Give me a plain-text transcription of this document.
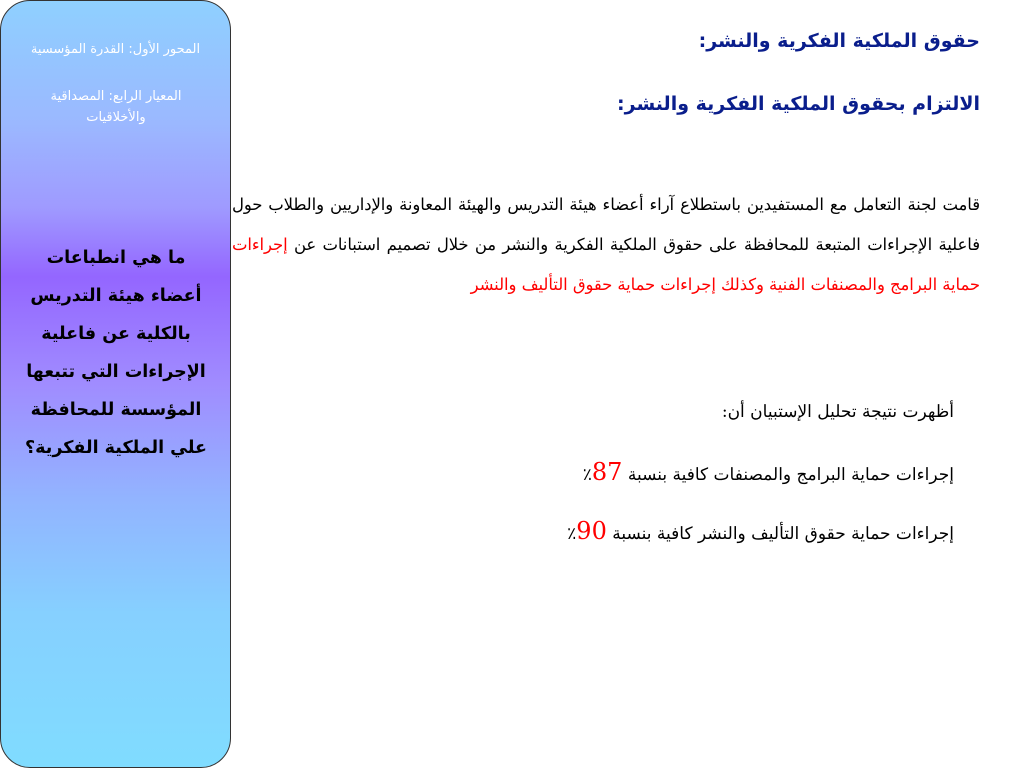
المحور الأول: القدرة المؤسسية
المعيار الرابع: المصداقية والأخلاقيات
ما هي انطباعات أعضاء هيئة التدريس بالكلية عن فاعلية الإجراءات التي تتبعها المؤسسة للمحافظة علي الملكية الفكرية؟
حقوق الملكية الفكرية والنشر:
الالتزام بحقوق الملكية الفكرية والنشر:
قامت لجنة التعامل مع المستفيدين باستطلاع آراء أعضاء هيئة التدريس والهيئة المعاونة والإداريين والطلاب حول فاعلية الإجراءات المتبعة للمحافظة على حقوق الملكية الفكرية والنشر من خلال تصميم استبانات عن إجراءات حماية البرامج والمصنفات الفنية وكذلك إجراءات حماية حقوق التأليف والنشر
أظهرت نتيجة تحليل الإستبيان أن:
إجراءات حماية البرامج والمصنفات كافية بنسبة 87٪
إجراءات حماية حقوق التأليف والنشر كافية بنسبة 90٪
